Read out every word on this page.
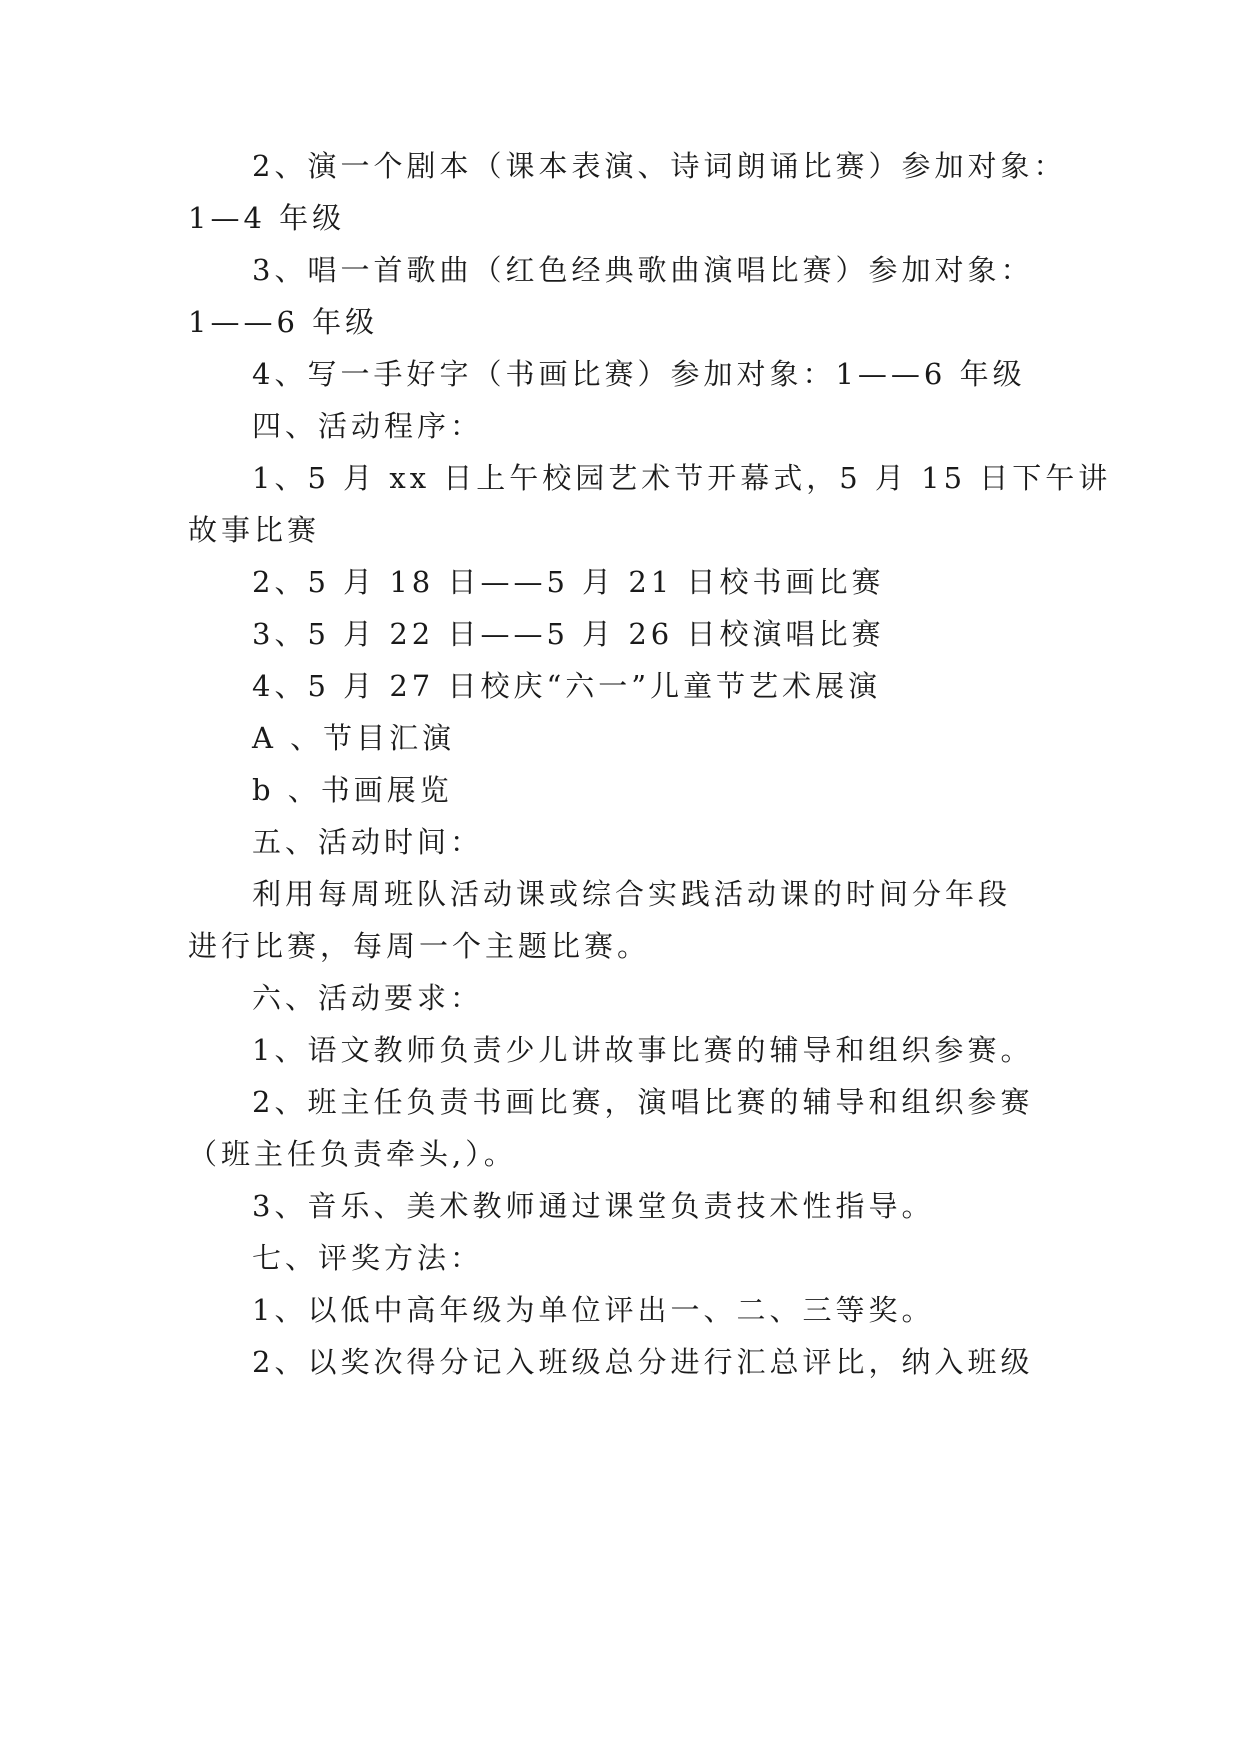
2、演一个剧本（课本表演、诗词朗诵比赛）参加对象：

1—4 年级

3、唱一首歌曲（红色经典歌曲演唱比赛）参加对象：

1——6 年级

4、写一手好字（书画比赛）参加对象：1——6 年级

四、活动程序：

1、5 月 xx 日上午校园艺术节开幕式，5 月 15 日下午讲

故事比赛

2、5 月 18 日——5 月 21 日校书画比赛

3、5 月 22 日——5 月 26 日校演唱比赛

4、5 月 27 日校庆“六一”儿童节艺术展演

A 、节目汇演

b 、书画展览

五、活动时间：

利用每周班队活动课或综合实践活动课的时间分年段

进行比赛，每周一个主题比赛。

六、活动要求：

1、语文教师负责少儿讲故事比赛的辅导和组织参赛。

2、班主任负责书画比赛，演唱比赛的辅导和组织参赛

（班主任负责牵头,）。

3、音乐、美术教师通过课堂负责技术性指导。

七、评奖方法：

1、以低中高年级为单位评出一、二、三等奖。

2、以奖次得分记入班级总分进行汇总评比，纳入班级
